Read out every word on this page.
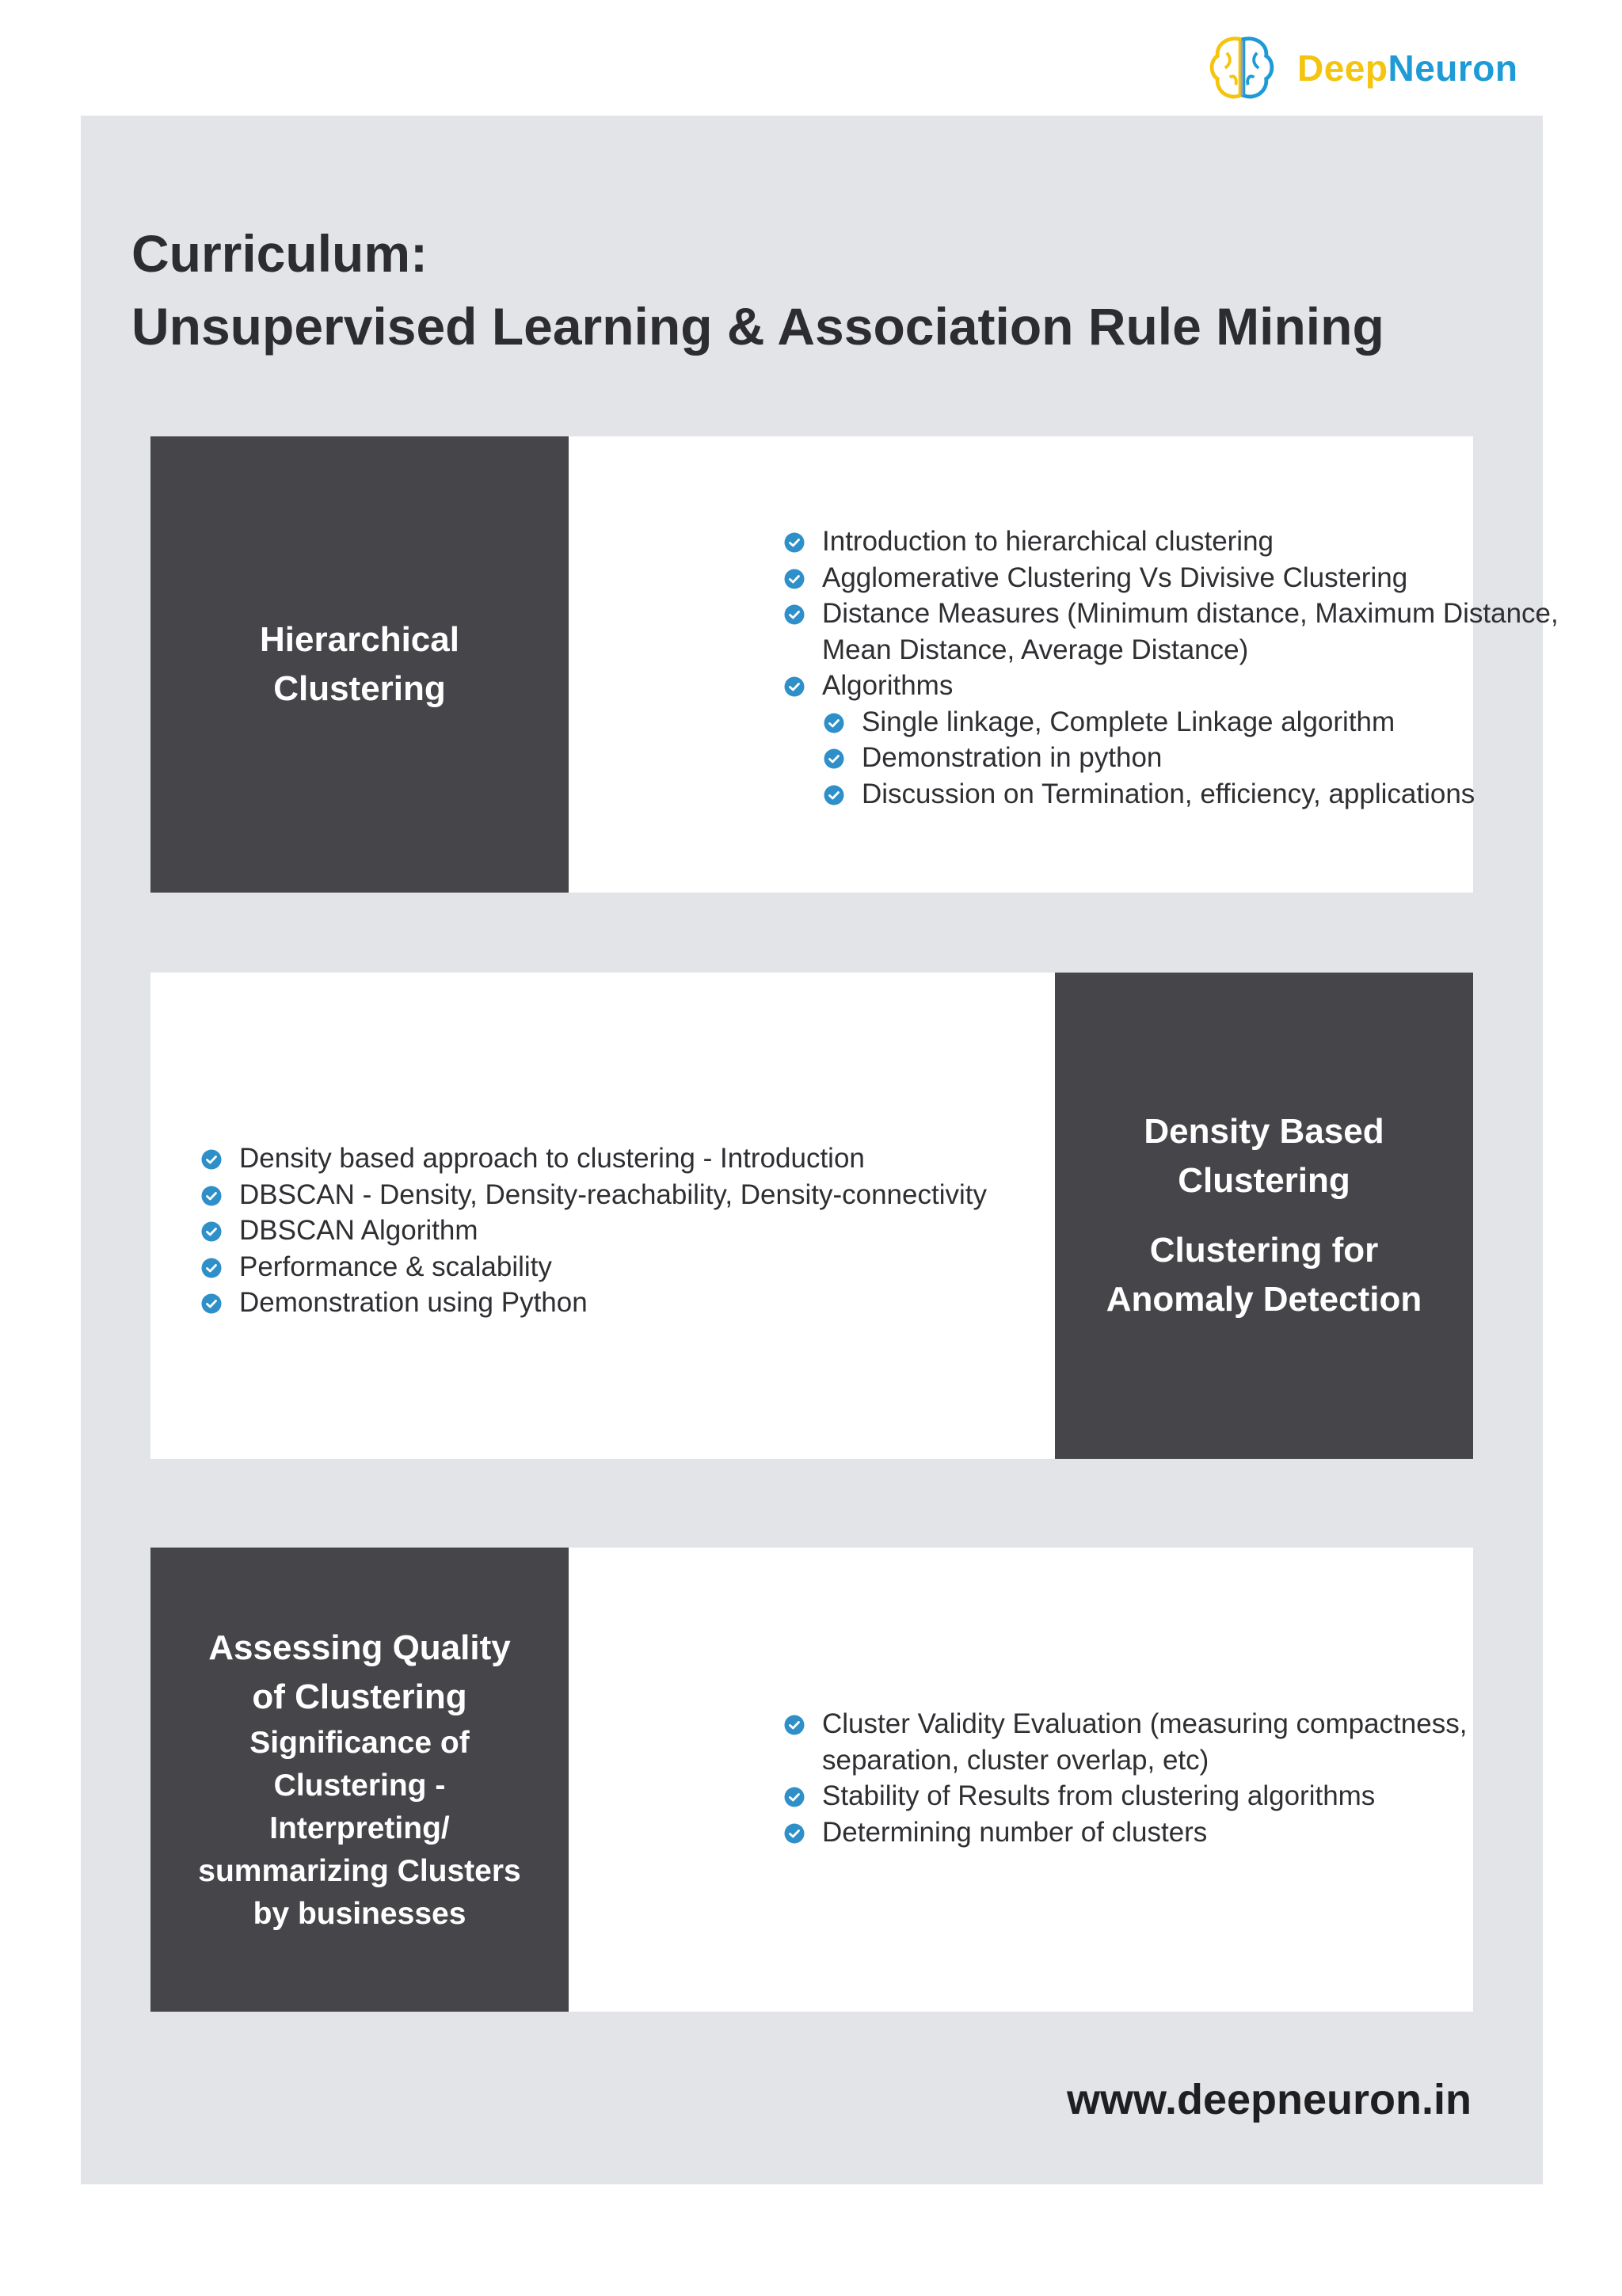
DeepNeuron
Curriculum:
Unsupervised Learning & Association Rule Mining
Hierarchical
Clustering
Introduction to hierarchical clustering
Agglomerative Clustering Vs Divisive Clustering
Distance Measures (Minimum distance, Maximum Distance,
Mean Distance, Average Distance)
Algorithms
Single linkage, Complete Linkage algorithm
Demonstration in python
Discussion on Termination, efficiency, applications
Density based approach to clustering - Introduction
DBSCAN - Density, Density-reachability, Density-connectivity
DBSCAN Algorithm
Performance & scalability
Demonstration using Python
Density Based
Clustering
Clustering for
Anomaly Detection
Assessing Quality
of Clustering
Significance of
Clustering -
Interpreting/
summarizing Clusters
by businesses
Cluster Validity Evaluation (measuring compactness,
separation, cluster overlap, etc)
Stability of Results from clustering algorithms
Determining number of clusters
www.deepneuron.in
